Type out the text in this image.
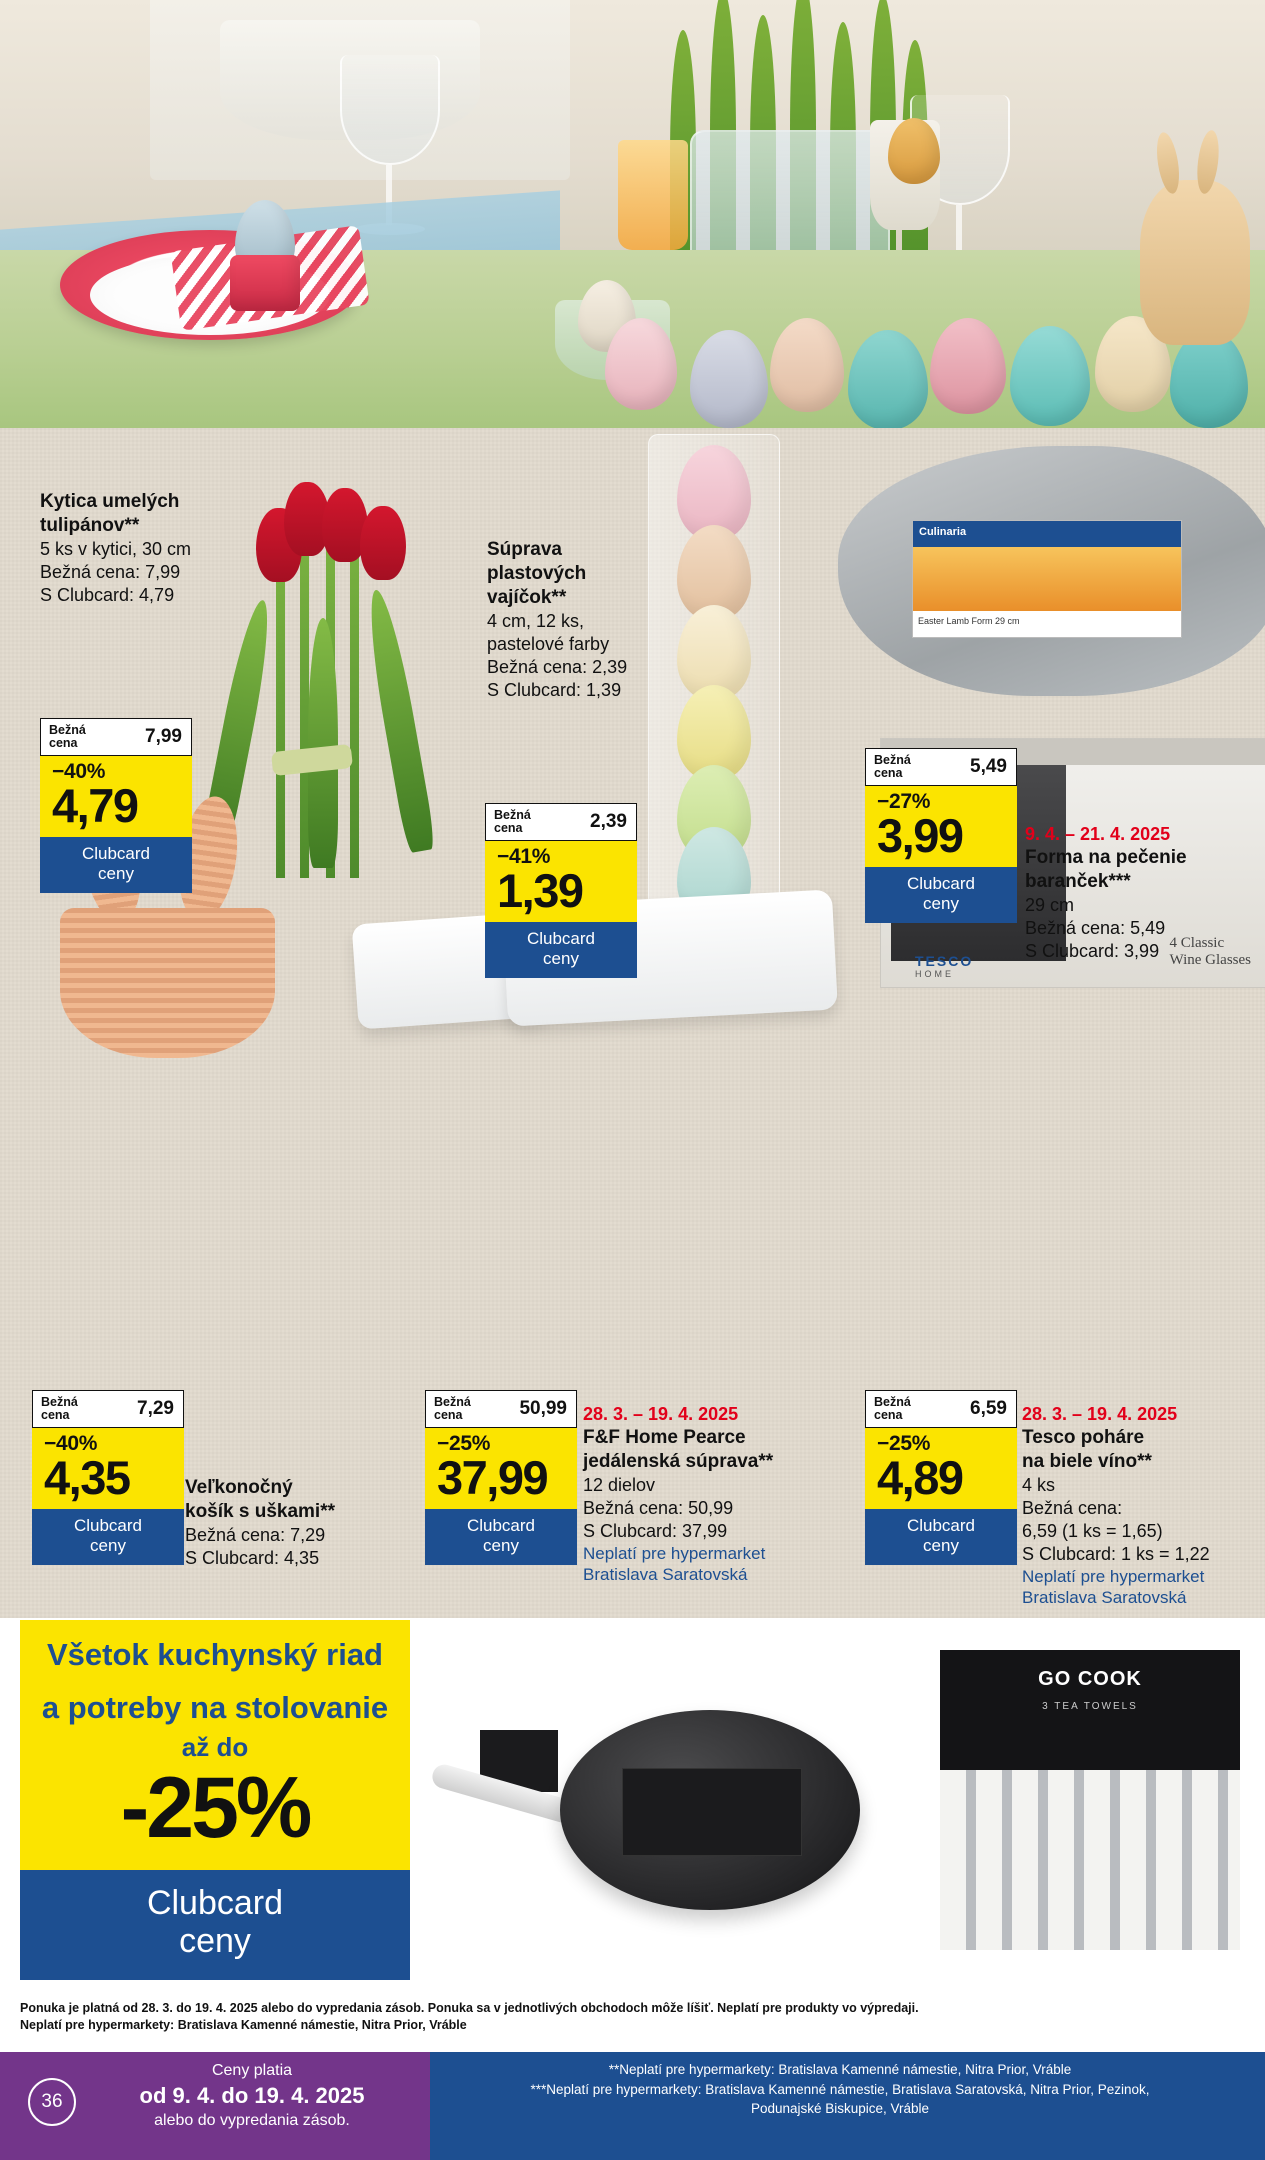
Culinaria
Easter Lamb Form 29 cm
TESCO
HOME
4 Classic
Wine Glasses
Kytica umelých
tulipánov**
5 ks v kytici, 30 cm
Bežná cena: 7,99
S Clubcard: 4,79
Súprava
plastových
vajíčok**
4 cm, 12 ks,
pastelové farby
Bežná cena: 2,39
S Clubcard: 1,39
9. 4. – 21. 4. 2025
Forma na pečenie
baranček***
29 cm
Bežná cena: 5,49
S Clubcard: 3,99
Veľkonočný
košík s uškami**
Bežná cena: 7,29
S Clubcard: 4,35
28. 3. – 19. 4. 2025
F&F Home Pearce
jedálenská súprava**
12 dielov
Bežná cena: 50,99
S Clubcard: 37,99
Neplatí pre hypermarket
Bratislava Saratovská
28. 3. – 19. 4. 2025
Tesco poháre
na biele víno**
4 ks
Bežná cena:
6,59 (1 ks = 1,65)
S Clubcard: 1 ks = 1,22
Neplatí pre hypermarket
Bratislava Saratovská
Bežná
cena	7,99
−40%
4,79
Clubcard
ceny
Bežná
cena	2,39
−41%
1,39
Clubcard
ceny
Bežná
cena	5,49
−27%
3,99
Clubcard
ceny
Bežná
cena	7,29
−40%
4,35
Clubcard
ceny
Bežná
cena	50,99
−25%
37,99
Clubcard
ceny
Bežná
cena	6,59
−25%
4,89
Clubcard
ceny
Všetok kuchynský riad
a potreby na stolovanie
až do
-25%
Clubcard
ceny
GO COOK
3 TEA TOWELS
Ponuka je platná od 28. 3. do 19. 4. 2025 alebo do vypredania zásob. Ponuka sa v jednotlivých obchodoch môže líšiť. Neplatí pre produkty vo výpredaji.
Neplatí pre hypermarkety: Bratislava Kamenné námestie, Nitra Prior, Vráble
36
Ceny platia
od 9. 4. do 19. 4. 2025
alebo do vypredania zásob.
**Neplatí pre hypermarkety: Bratislava Kamenné námestie, Nitra Prior, Vráble
***Neplatí pre hypermarkety: Bratislava Kamenné námestie, Bratislava Saratovská, Nitra Prior, Pezinok,
Podunajské Biskupice, Vráble
